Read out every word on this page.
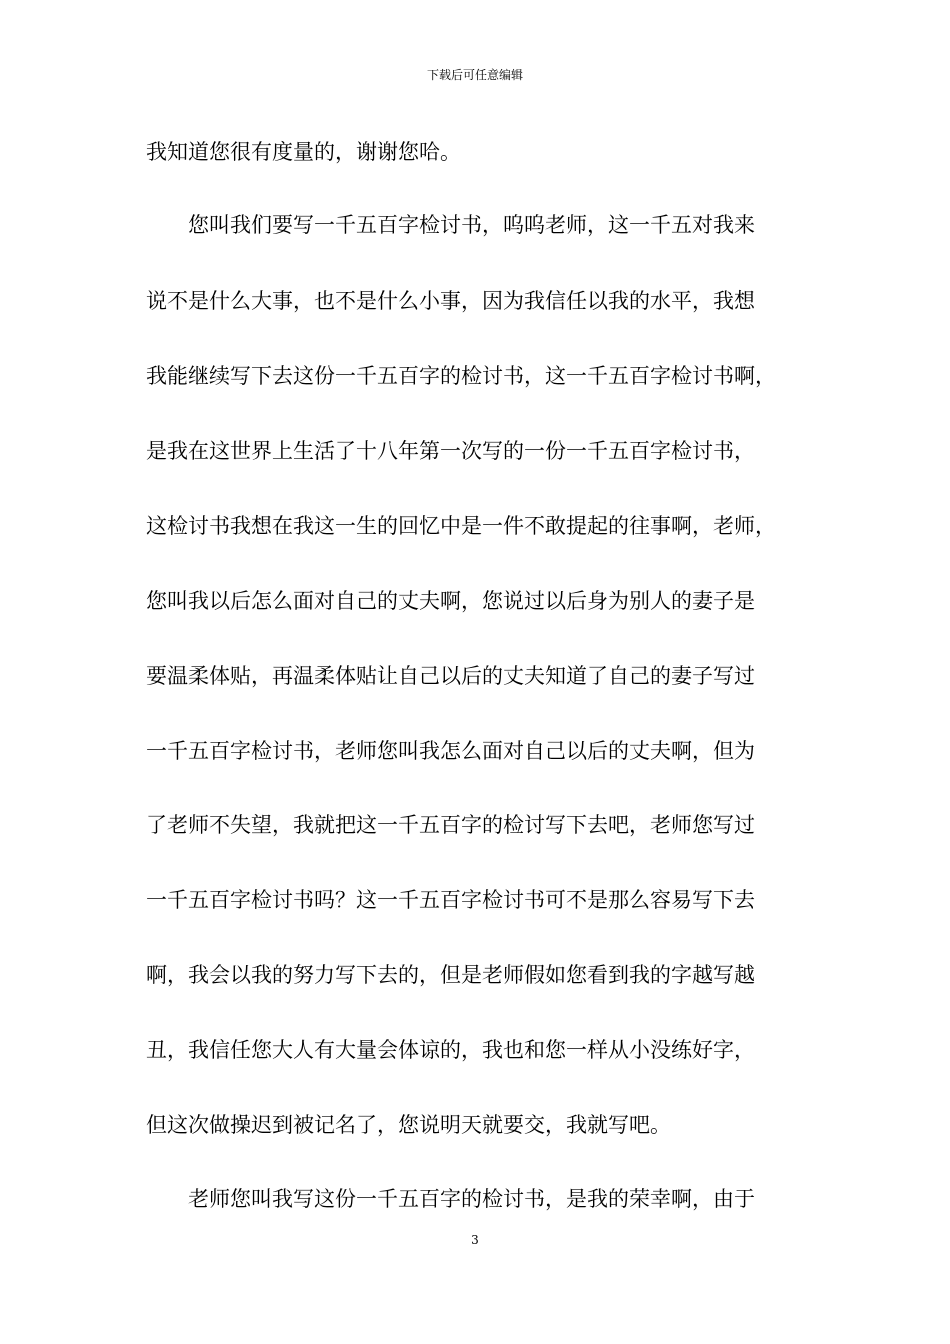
下载后可任意编辑
我知道您很有度量的，谢谢您哈。
您叫我们要写一千五百字检讨书，呜呜老师，这一千五对我来
说不是什么大事，也不是什么小事，因为我信任以我的水平，我想
我能继续写下去这份一千五百字的检讨书，这一千五百字检讨书啊，
是我在这世界上生活了十八年第一次写的一份一千五百字检讨书，
这检讨书我想在我这一生的回忆中是一件不敢提起的往事啊，老师，
您叫我以后怎么面对自己的丈夫啊，您说过以后身为别人的妻子是
要温柔体贴，再温柔体贴让自己以后的丈夫知道了自己的妻子写过
一千五百字检讨书，老师您叫我怎么面对自己以后的丈夫啊，但为
了老师不失望，我就把这一千五百字的检讨写下去吧，老师您写过
一千五百字检讨书吗？这一千五百字检讨书可不是那么容易写下去
啊，我会以我的努力写下去的，但是老师假如您看到我的字越写越
丑，我信任您大人有大量会体谅的，我也和您一样从小没练好字，
但这次做操迟到被记名了，您说明天就要交，我就写吧。
老师您叫我写这份一千五百字的检讨书，是我的荣幸啊，由于
3
